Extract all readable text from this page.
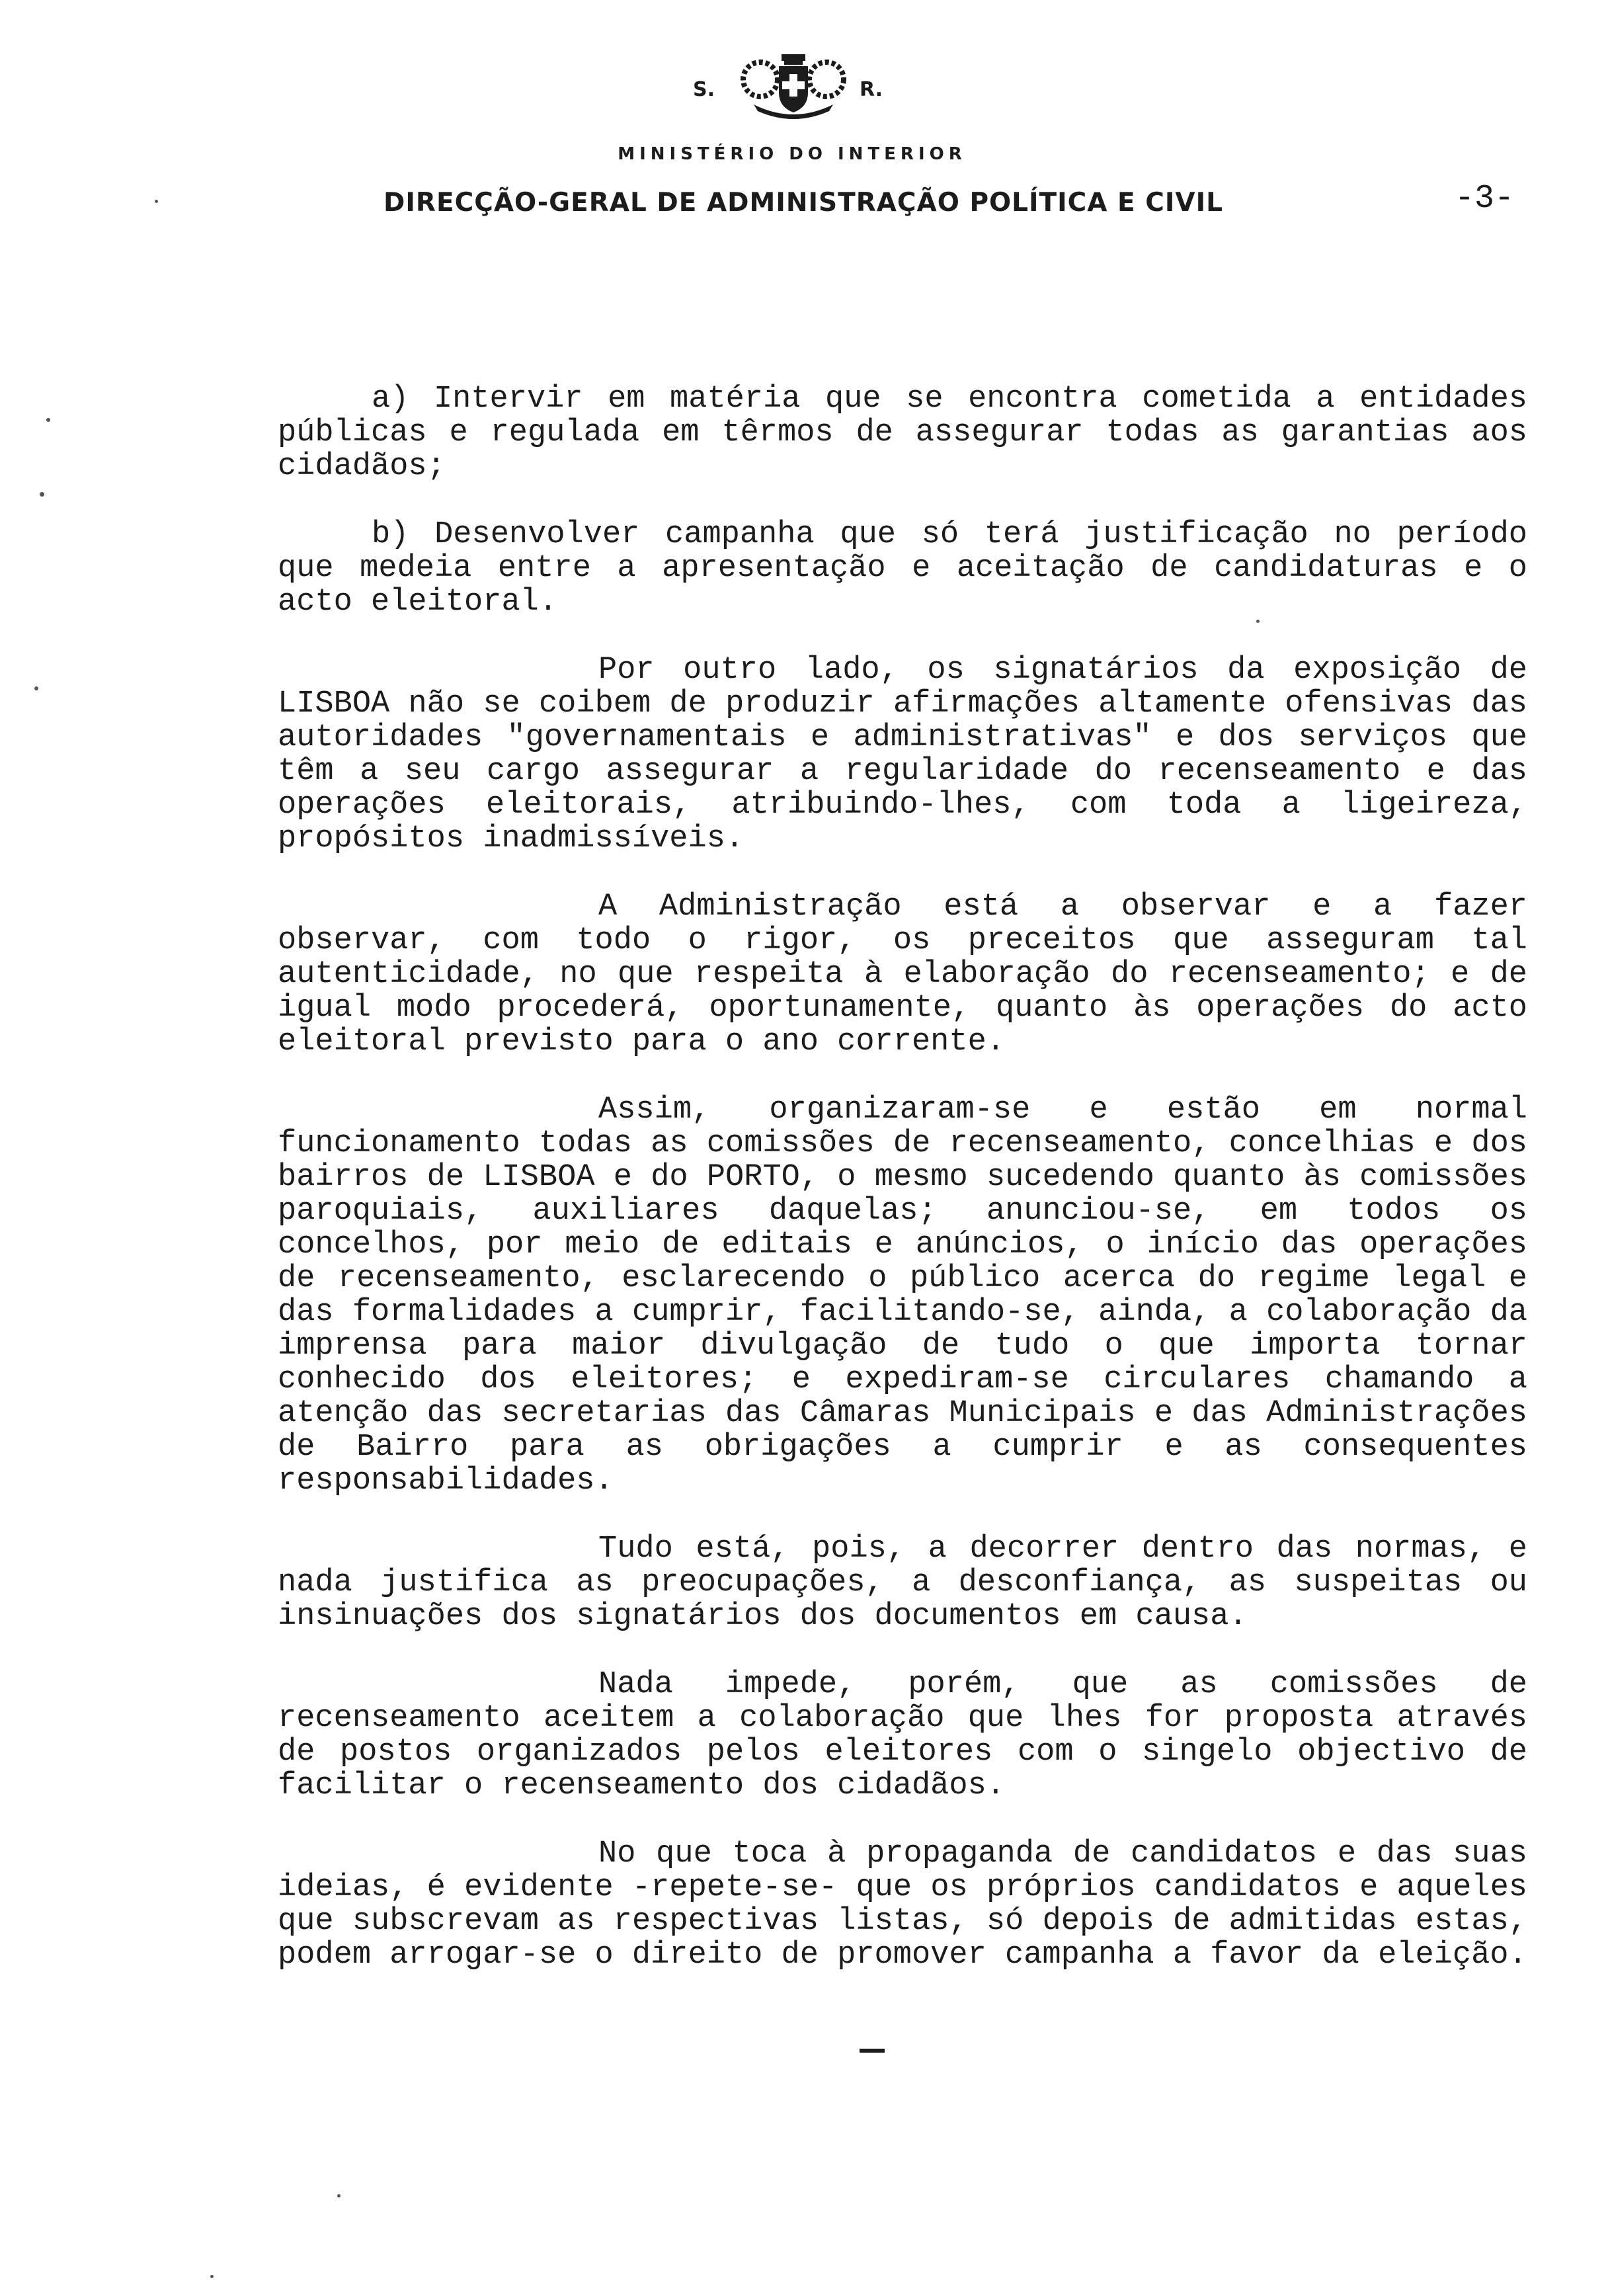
S.	R.
MINISTÉRIO DO INTERIOR
DIRECÇÃO-GERAL DE ADMINISTRAÇÃO POLÍTICA E CIVIL	-3-

a) Intervir em matéria que se encontra cometida a entidades públicas e regulada em têrmos de assegurar todas as garantias aos cidadãos;

b) Desenvolver campanha que só terá justificação no período que medeia entre a apresentação e aceitação de candidaturas e o acto eleitoral.

Por outro lado, os signatários da exposição de LISBOA não se coibem de produzir afirmações altamente ofensivas das autoridades "governamentais e administrativas" e dos serviços que têm a seu cargo assegurar a regularidade do recenseamento e das operações eleitorais, atribuindo-lhes, com toda a ligeireza, propósitos inadmissíveis.

A Administração está a observar e a fazer observar, com todo o rigor, os preceitos que asseguram tal autenticidade, no que respeita à elaboração do recenseamento; e de igual modo procederá, oportunamente, quanto às operações do acto eleitoral previsto para o ano corrente.

Assim, organizaram-se e estão em normal funcionamento todas as comissões de recenseamento, concelhias e dos bairros de LISBOA e do PORTO, o mesmo sucedendo quanto às comissões paroquiais, auxiliares daquelas; anunciou-se, em todos os concelhos, por meio de editais e anúncios, o início das operações de recenseamento, esclarecendo o público acerca do regime legal e das formalidades a cumprir, facilitando-se, ainda, a colaboração da imprensa para maior divulgação de tudo o que importa tornar conhecido dos eleitores; e expediram-se circulares chamando a atenção das secretarias das Câmaras Municipais e das Administrações de Bairro para as obrigações a cumprir e as consequentes responsabilidades.

Tudo está, pois, a decorrer dentro das normas, e nada justifica as preocupações, a desconfiança, as suspeitas ou insinuações dos signatários dos documentos em causa.

Nada impede, porém, que as comissões de recenseamento aceitem a colaboração que lhes for proposta através de postos organizados pelos eleitores com o singelo objectivo de facilitar o recenseamento dos cidadãos.

No que toca à propaganda de candidatos e das suas ideias, é evidente -repete-se- que os próprios candidatos e aqueles que subscrevam as respectivas listas, só depois de admitidas estas, podem arrogar-se o direito de promover campanha a favor da eleição.
